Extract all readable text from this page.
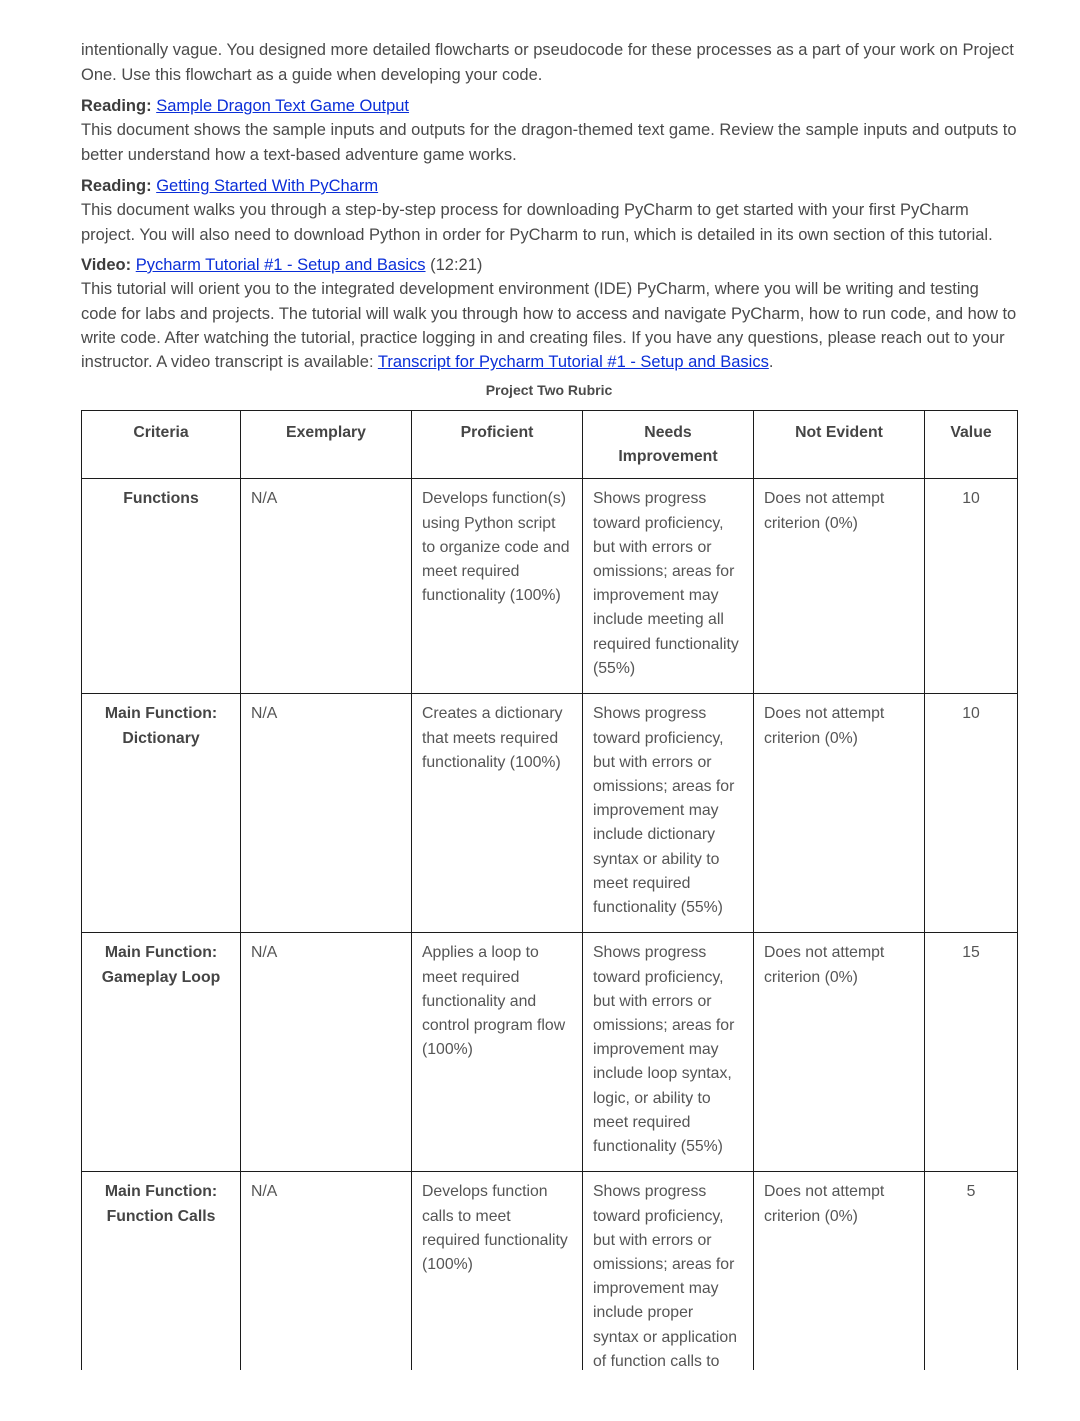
intentionally vague. You designed more detailed flowcharts or pseudocode for these processes as a part of your work on Project
One. Use this flowchart as a guide when developing your code.
Reading: Sample Dragon Text Game Output
This document shows the sample inputs and outputs for the dragon-themed text game. Review the sample inputs and outputs to better understand how a text-based adventure game works.
Reading: Getting Started With PyCharm
This document walks you through a step-by-step process for downloading PyCharm to get started with your first PyCharm project. You will also need to download Python in order for PyCharm to run, which is detailed in its own section of this tutorial.
Video: Pycharm Tutorial #1 - Setup and Basics (12:21)
This tutorial will orient you to the integrated development environment (IDE) PyCharm, where you will be writing and testing code for labs and projects. The tutorial will walk you through how to access and navigate PyCharm, how to run code, and how to write code. After watching the tutorial, practice logging in and creating files. If you have any questions, please reach out to your instructor. A video transcript is available: Transcript for Pycharm Tutorial #1 - Setup and Basics.
Project Two Rubric
Criteria	Exemplary	Proficient	Needs Improvement	Not Evident	Value
Functions	N/A	Develops function(s) using Python script to organize code and meet required functionality (100%)	Shows progress toward proficiency, but with errors or omissions; areas for improvement may include meeting all required functionality (55%)	Does not attempt criterion (0%)	10
Main Function: Dictionary	N/A	Creates a dictionary that meets required functionality (100%)	Shows progress toward proficiency, but with errors or omissions; areas for improvement may include dictionary syntax or ability to meet required functionality (55%)	Does not attempt criterion (0%)	10
Main Function: Gameplay Loop	N/A	Applies a loop to meet required functionality and control program flow (100%)	Shows progress toward proficiency, but with errors or omissions; areas for improvement may include loop syntax, logic, or ability to meet required functionality (55%)	Does not attempt criterion (0%)	15
Main Function: Function Calls	N/A	Develops function calls to meet required functionality (100%)	Shows progress toward proficiency, but with errors or omissions; areas for improvement may include proper syntax or application of function calls to	Does not attempt criterion (0%)	5
